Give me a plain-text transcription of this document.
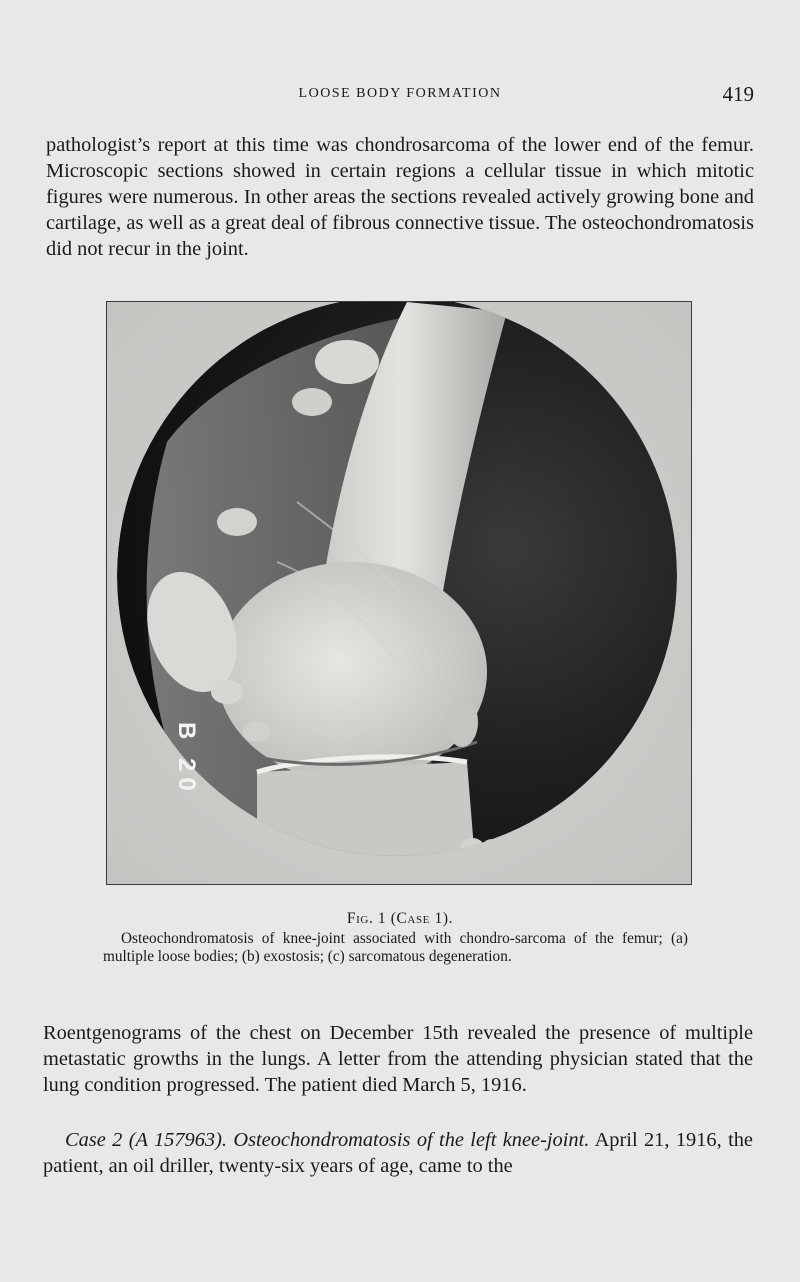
LOOSE BODY FORMATION	419

pathologist’s report at this time was chondrosarcoma of the lower end of the femur. Microscopic sections showed in certain regions a cellular tissue in which mitotic figures were numerous. In other areas the sections revealed actively growing bone and cartilage, as well as a great deal of fibrous connective tissue. The osteochondromatosis did not recur in the joint.

B 20
Fig. 1 (Case 1).

Osteochondromatosis of knee-joint associated with chondro-sarcoma of the femur; (a) multiple loose bodies; (b) exostosis; (c) sarcomatous degeneration.

Roentgenograms of the chest on December 15th revealed the presence of multiple metastatic growths in the lungs. A letter from the attending physician stated that the lung condition progressed. The patient died March 5, 1916.

Case 2 (A 157963). Osteochondromatosis of the left knee-joint. April 21, 1916, the patient, an oil driller, twenty-six years of age, came to the
